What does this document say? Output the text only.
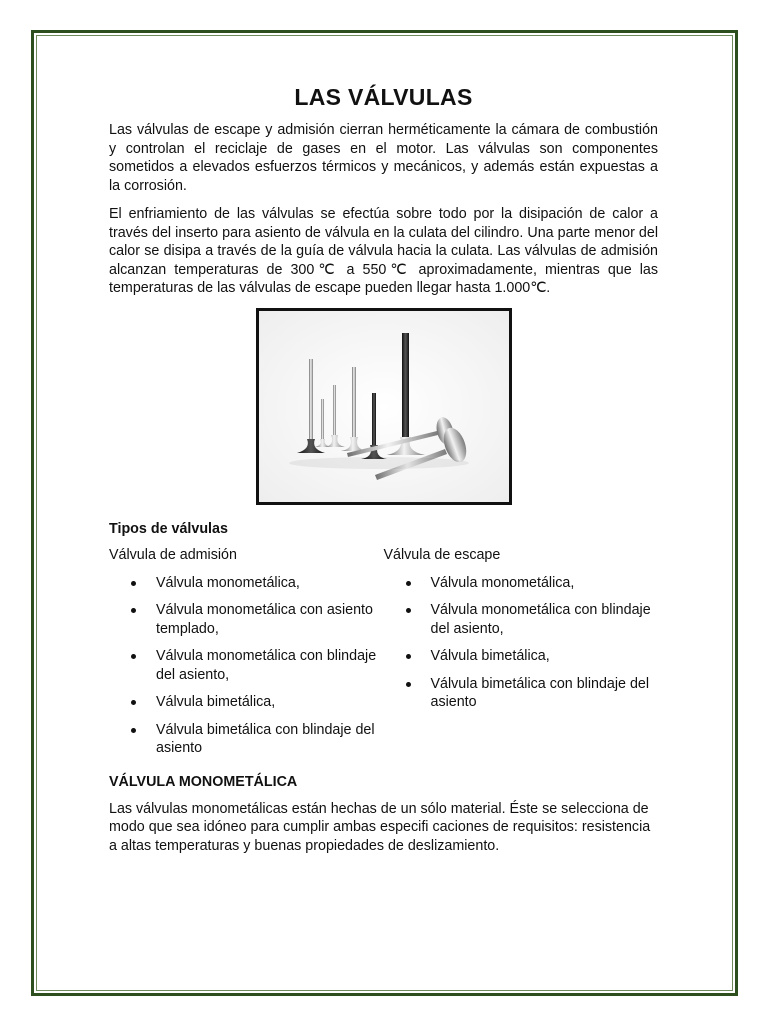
LAS VÁLVULAS

Las válvulas de escape y admisión cierran herméticamente la cámara de combustión y controlan el reciclaje de gases en el motor. Las válvulas son componentes sometidos a elevados esfuerzos térmicos y mecánicos, y además están expuestas a la corrosión.

El enfriamiento de las válvulas se efectúa sobre todo por la disipación de calor a través del inserto para asiento de válvula en la culata del cilindro. Una parte menor del calor se disipa a través de la guía de válvula hacia la culata. Las válvulas de admisión alcanzan temperaturas de 300℃ a 550℃ aproximadamente, mientras que las temperaturas de las válvulas de escape pueden llegar hasta 1.000℃.

Tipos de válvulas
Válvula de admisión
Válvula monometálica,
Válvula monometálica con asiento templado,
Válvula monometálica con blindaje del asiento,
Válvula bimetálica,
Válvula bimetálica con blindaje del asiento
Válvula de escape
Válvula monometálica,
Válvula monometálica con blindaje del asiento,
Válvula bimetálica,
Válvula bimetálica con blindaje del asiento
VÁLVULA MONOMETÁLICA

Las válvulas monometálicas están hechas de un sólo material. Éste se selecciona de modo que sea idóneo para cumplir ambas especifi caciones de requisitos: resistencia a altas temperaturas y buenas propiedades de deslizamiento.
